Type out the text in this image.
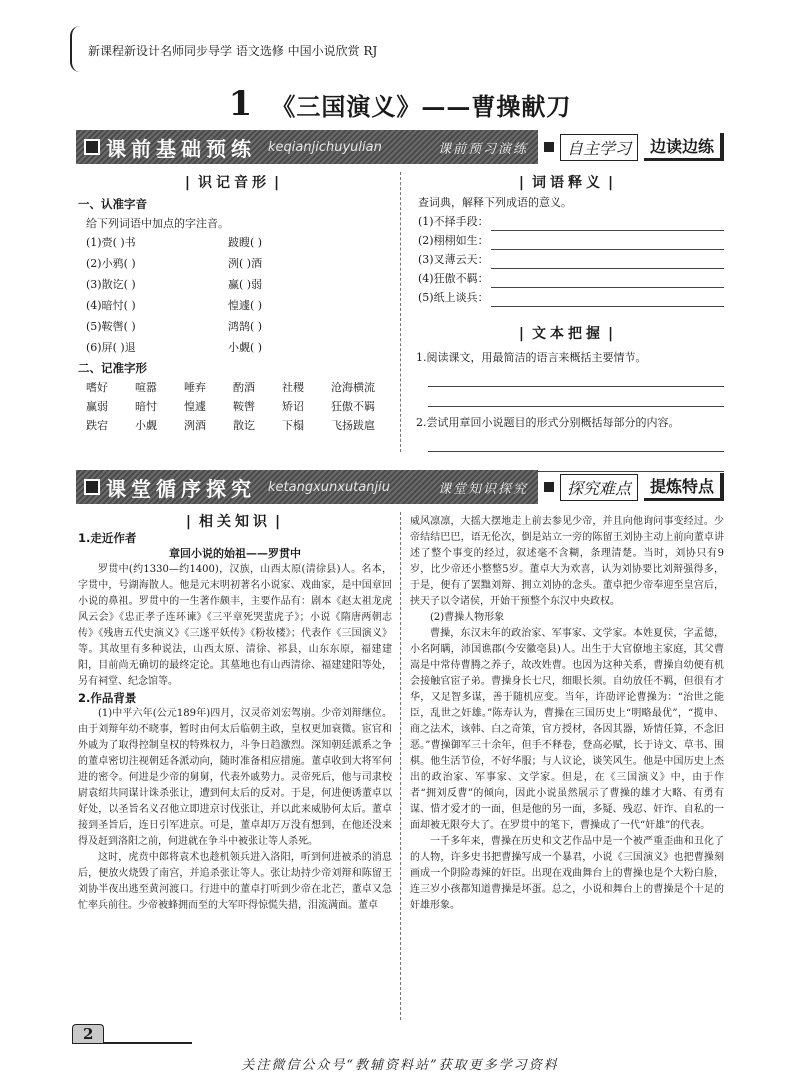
新课程新设计名师同步导学 语文选修 中国小说欣赏 RJ
1 《三国演义》——曹操献刀
课前基础预练 keqianjichuyulian	课前预习演练	自主学习	边读边练
| 识记音形 |
一、认准字音
给下列词语中加点的字注音。
(1)赍( )书	跛瞍( )
(2)小鸦( )	洌( )酒
(3)散讫( )	赢( )弱
(4)暗忖( )	惶遽( )
(5)鞍辔( )	鸿鹄( )
(6)屏( )退	小觑( )
二、记准字形
嗜好	喧嚣	唾弃	酌酒	社稷	沧海横流
赢弱	暗忖	惶遽	鞍辔	矫诏	狂傲不羁
跌宕	小觑	洌酒	散讫	下榻	飞扬跋扈
| 词语释义 |
查词典，解释下列成语的意义。
(1)不择手段：
(2)栩栩如生：
(3)叉薄云天：
(4)狂傲不羁：
(5)纸上谈兵：
| 文本把握 |
1.阅读课文，用最简洁的语言来概括主要情节。
2.尝试用章回小说题目的形式分别概括每部分的内容。
课堂循序探究 ketangxunxutanjiu	课堂知识探究	探究难点	提炼特点
| 相关知识 |
1.走近作者
章回小说的始祖——罗贯中
罗贯中(约1330—约1400)，汉族，山西太原(清徐县)人。名本，字贯中，号湖海散人。他是元末明初著名小说家、戏曲家，是中国章回小说的鼻祖。罗贯中的一生著作颇丰，主要作品有：剧本《赵太祖龙虎风云会》《忠正孝子连环谏》《三平章死哭蜚虎子》；小说《隋唐两朝志传》《残唐五代史演义》《三遂平妖传》《粉妆楼》；代表作《三国演义》等。其故里有多种说法，山西太原、清徐、祁县，山东东原，福建建阳，目前尚无确切的最终定论。其墓地也有山西清徐、福建建阳等处，另有祠堂、纪念馆等。
2.作品背景
(1)中平六年(公元189年)四月，汉灵帝刘宏驾崩。少帝刘辩继位。由于刘辩年幼不晓事，暂时由何太后临朝主政，皇权更加衰微。宦官和外戚为了取得控制皇权的特殊权力，斗争日趋激烈。深知朝廷派系之争的董卓密切注视朝廷各派动向，随时准备相应措施。董卓收到大将军何进的密令。何进是少帝的舅舅，代表外戚势力。灵帝死后，他与司隶校尉袁绍共同谋计诛杀张让，遭到何太后的反对。于是，何进便诱董卓以好处，以圣旨名义召他立即进京讨伐张让，并以此来威胁何太后。董卓接到圣旨后，连日引军进京。可是，董卓却万万没有想到，在他还没来得及赶到洛阳之前，何进就在争斗中被张让等人杀死。
这时，虎贲中郎将袁术也趁机领兵进入洛阳，听到何进被杀的消息后，便放火烧毁了南宫，并追杀张让等人。张让劫持少帝刘辩和陈留王刘协半夜出逃至黄河渡口。行进中的董卓打听到少帝在北芒，董卓又急忙率兵前往。少帝被蜂拥而至的大军吓得惊慌失措，泪流满面。董卓
威风凛凛，大摇大摆地走上前去参见少帝，并且向他询问事变经过。少帝结结巴巴，语无伦次，倒是站立一旁的陈留王刘协主动上前向董卓讲述了整个事变的经过，叙述毫不含糊，条理清楚。当时，刘协只有9岁，比少帝还小整整5岁。董卓大为欢喜，认为刘协要比刘辩强得多，于是，便有了罢黜刘辩、拥立刘协的念头。董卓把少帝奉迎至皇宫后，挟天子以令诸侯，开始干预整个东汉中央政权。
(2)曹操人物形象
曹操，东汉末年的政治家、军事家、文学家。本姓夏侯，字孟德，小名阿瞒，沛国谯郡(今安徽亳县)人。出生于大官僚地主家庭，其父曹嵩是中常侍曹腾之养子，故改姓曹。也因为这种关系，曹操自幼便有机会接触官宦子弟。曹操身长七尺，细眼长须。自幼放任不羁，但很有才华，又足智多谋，善于随机应变。当年，许劭评论曹操为：“治世之能臣，乱世之奸雄。”陈寿认为，曹操在三国历史上“明略最优”，“揽申、商之法术，该韩、白之奇策，官方授材，各因其器，矫情任算，不念旧恶。”曹操御军三十余年，但手不释卷，登高必赋，长于诗文、草书、围棋。他生活节俭，不好华服；与人议论，谈笑风生。他是中国历史上杰出的政治家、军事家、文学家。但是，在《三国演义》中，由于作者“拥刘反曹”的倾向，因此小说虽然展示了曹操的雄才大略、有勇有谋、惜才爱才的一面，但是他的另一面，多疑、残忍、奸诈、自私的一面却被无限夸大了。在罗贯中的笔下，曹操成了一代“奸雄”的代表。
一千多年来，曹操在历史和文艺作品中是一个被严重歪曲和丑化了的人物，许多史书把曹操写成一个暴君，小说《三国演义》也把曹操刻画成一个阴险毒辣的奸臣。出现在戏曲舞台上的曹操也是个大粉白脸，连三岁小孩都知道曹操是坏蛋。总之，小说和舞台上的曹操是个十足的奸雄形象。
2
关注微信公众号“教辅资料站”获取更多学习资料
